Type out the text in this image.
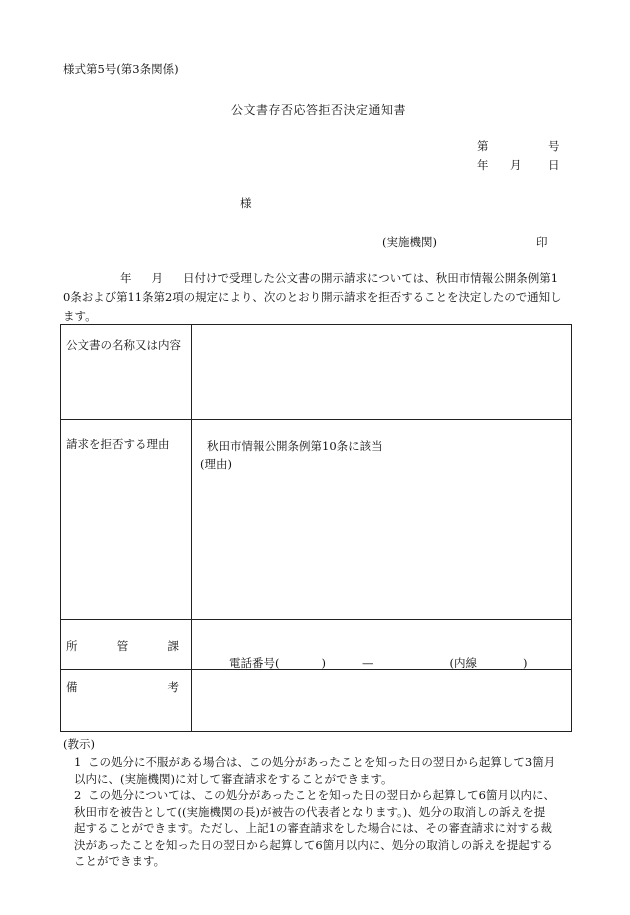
様式第5号(第3条関係)
公文書存否応答拒否決定通知書
第	号
年 月 日
様
(実施機関)	印
年 月 日付けで受理した公文書の開示請求については、秋田市情報公開条例第1
0条および第11条第2項の規定により、次のとおり開示請求を拒否することを決定したので通知し
ます。
公文書の名称又は内容	
請求を拒否する理由	秋田市情報公開条例第10条に該当
(理由)

所 管 課	電話番号( ) — (内線 )

備 考	

(教示)
1 この処分に不服がある場合は、この処分があったことを知った日の翌日から起算して3箇月
以内に、(実施機関)に対して審査請求をすることができます。
2 この処分については、この処分があったことを知った日の翌日から起算して6箇月以内に、
秋田市を被告として((実施機関の長)が被告の代表者となります。)、処分の取消しの訴えを提
起することができます。ただし、上記1の審査請求をした場合には、その審査請求に対する裁
決があったことを知った日の翌日から起算して6箇月以内に、処分の取消しの訴えを提起する
ことができます。
